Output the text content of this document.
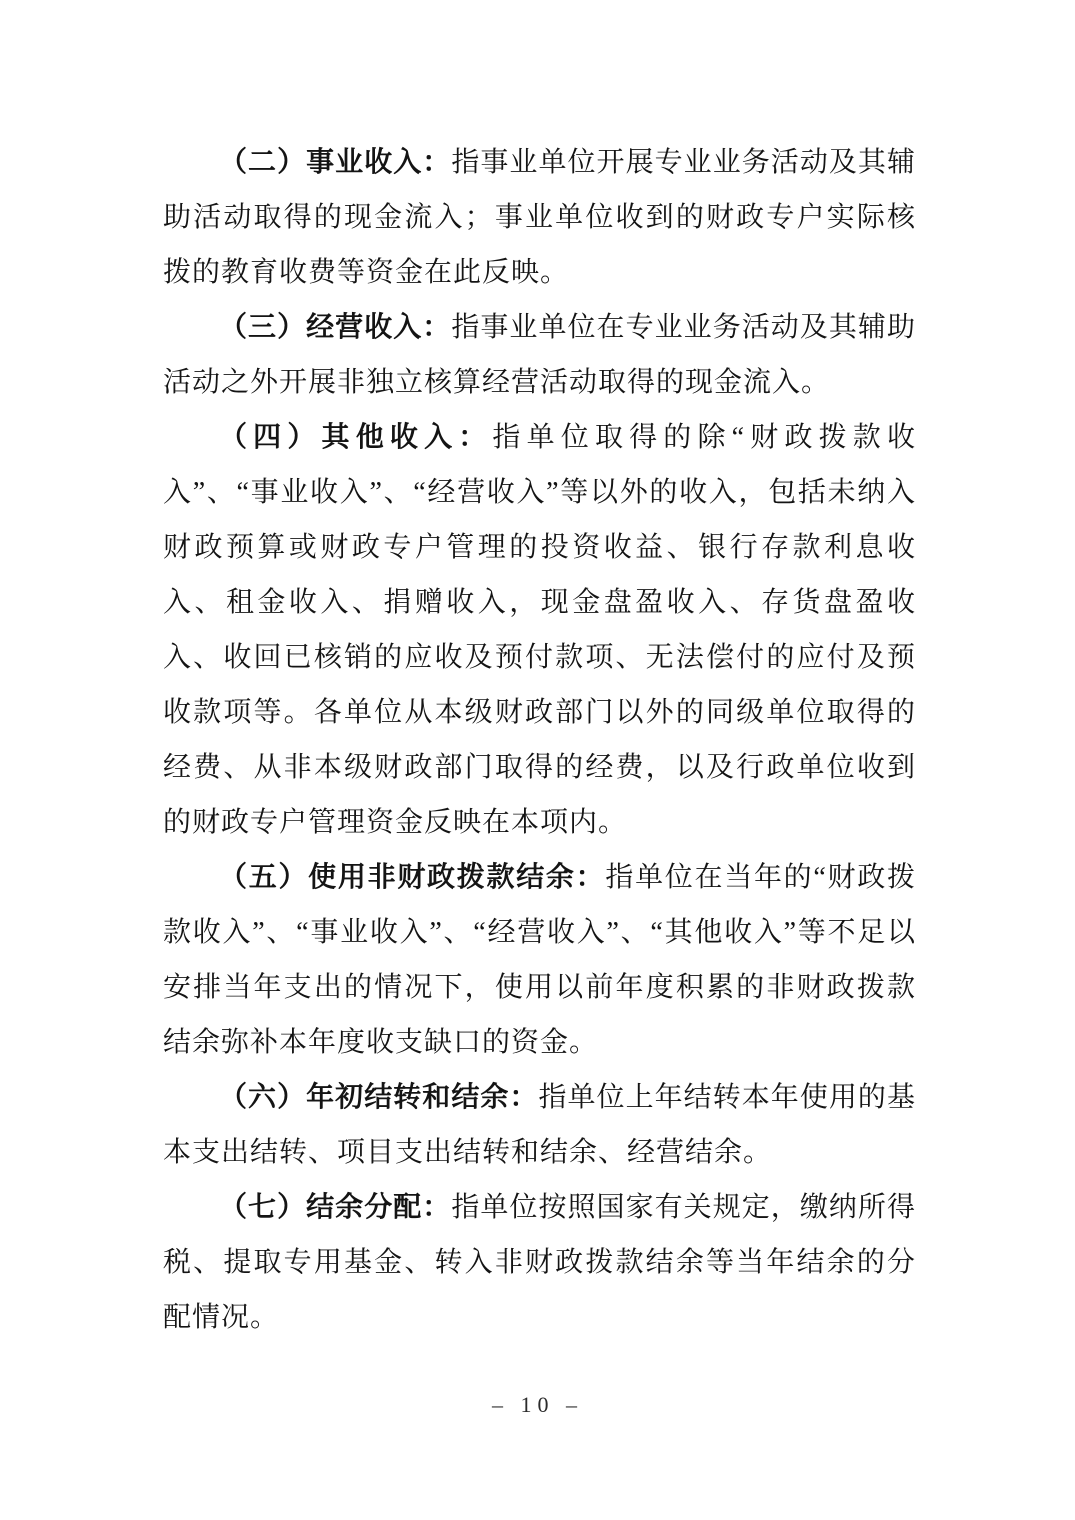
（二）事业收入：指事业单位开展专业业务活动及其辅助活动取得的现金流入；事业单位收到的财政专户实际核拨的教育收费等资金在此反映。

（三）经营收入：指事业单位在专业业务活动及其辅助活动之外开展非独立核算经营活动取得的现金流入。

（四）其他收入：指单位取得的除“财政拨款收入”、“事业收入”、“经营收入”等以外的收入，包括未纳入财政预算或财政专户管理的投资收益、银行存款利息收入、租金收入、捐赠收入，现金盘盈收入、存货盘盈收入、收回已核销的应收及预付款项、无法偿付的应付及预收款项等。各单位从本级财政部门以外的同级单位取得的经费、从非本级财政部门取得的经费，以及行政单位收到的财政专户管理资金反映在本项内。

（五）使用非财政拨款结余：指单位在当年的“财政拨款收入”、“事业收入”、“经营收入”、“其他收入”等不足以安排当年支出的情况下，使用以前年度积累的非财政拨款结余弥补本年度收支缺口的资金。

（六）年初结转和结余：指单位上年结转本年使用的基本支出结转、项目支出结转和结余、经营结余。

（七）结余分配：指单位按照国家有关规定，缴纳所得税、提取专用基金、转入非财政拨款结余等当年结余的分配情况。

– 10 –
